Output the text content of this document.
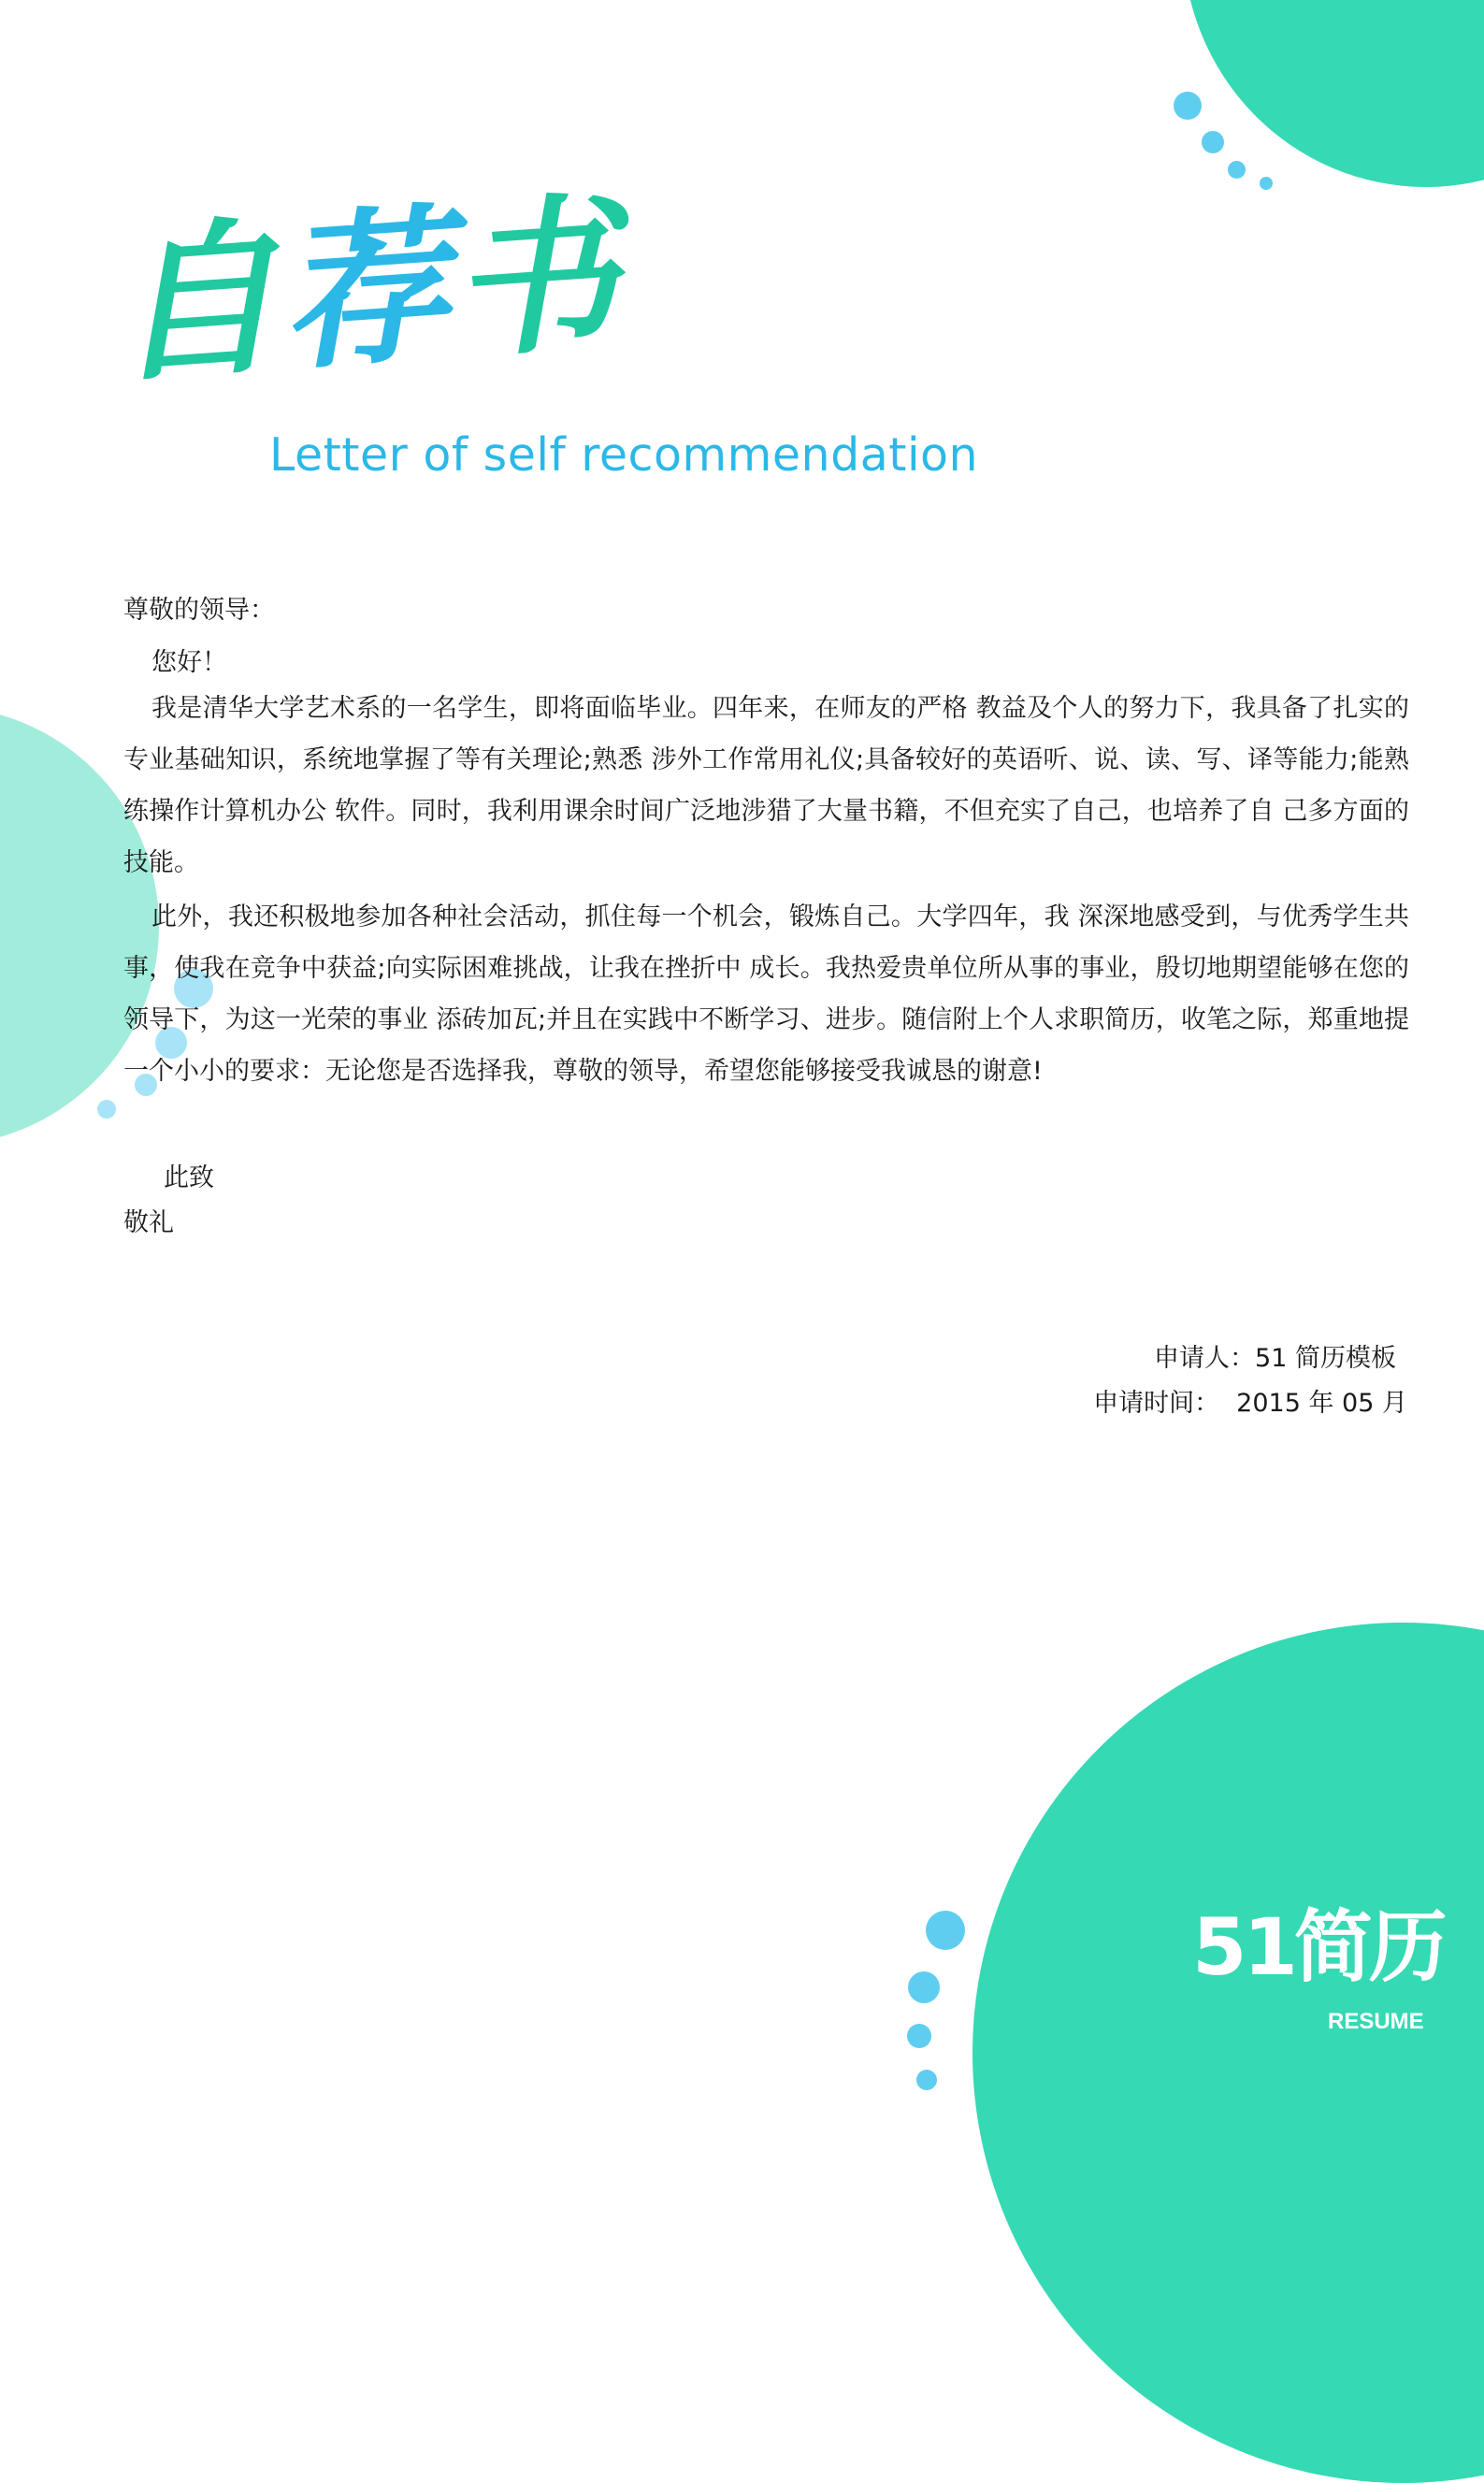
自荐书
Letter of self recommendation
尊敬的领导：
您好！
我是清华大学艺术系的一名学生，即将面临毕业。四年来，在师友的严格 教益及个人的努力下，我具备了扎实的专业基础知识，系统地掌握了等有关理论;熟悉 涉外工作常用礼仪;具备较好的英语听、说、读、写、译等能力;能熟练操作计算机办公 软件。同时，我利用课余时间广泛地涉猎了大量书籍，不但充实了自己，也培养了自 己多方面的技能。
此外，我还积极地参加各种社会活动，抓住每一个机会，锻炼自己。大学四年，我 深深地感受到，与优秀学生共事，使我在竞争中获益;向实际困难挑战，让我在挫折中 成长。我热爱贵单位所从事的事业，殷切地期望能够在您的领导下，为这一光荣的事业 添砖加瓦;并且在实践中不断学习、进步。随信附上个人求职简历，收笔之际，郑重地提 一个小小的要求：无论您是否选择我，尊敬的领导，希望您能够接受我诚恳的谢意!
此致
敬礼
申请人：51 简历模板
申请时间： 2015 年 05 月
51简历
RESUME
